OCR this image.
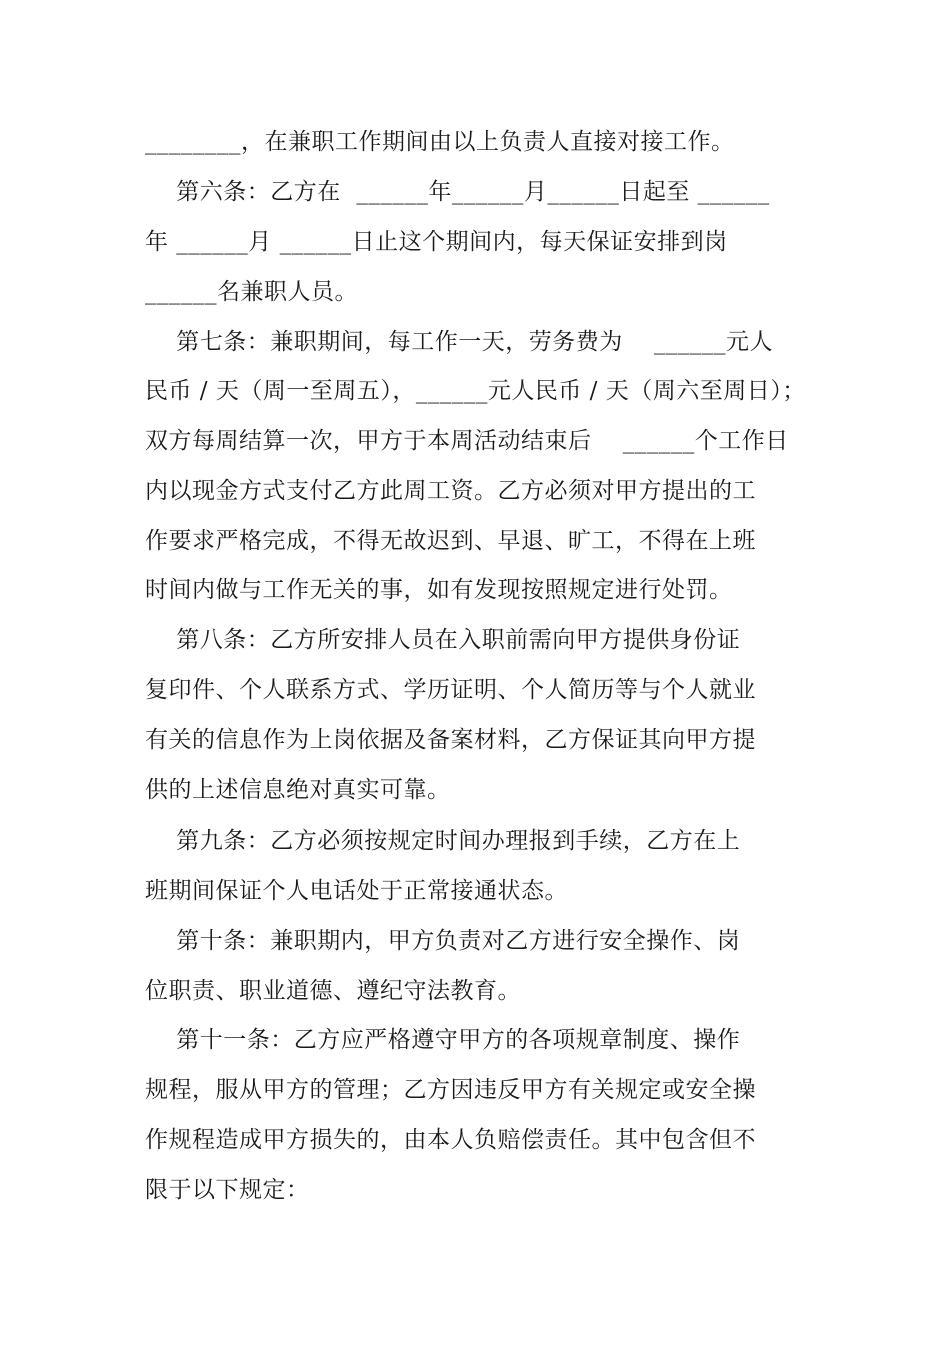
________，在兼职工作期间由以上负责人直接对接工作。
第六条：乙方在  ______年______月______日起至 ______
年 ______月 ______日止这个期间内，每天保证安排到岗
______名兼职人员。
第七条：兼职期间，每工作一天，劳务费为    ______元人
民币 / 天（周一至周五），______元人民币 / 天（周六至周日）；
双方每周结算一次，甲方于本周活动结束后    ______个工作日
内以现金方式支付乙方此周工资。乙方必须对甲方提出的工
作要求严格完成，不得无故迟到、早退、旷工，不得在上班
时间内做与工作无关的事，如有发现按照规定进行处罚。
第八条：乙方所安排人员在入职前需向甲方提供身份证
复印件、个人联系方式、学历证明、个人简历等与个人就业
有关的信息作为上岗依据及备案材料，乙方保证其向甲方提
供的上述信息绝对真实可靠。
第九条：乙方必须按规定时间办理报到手续，乙方在上
班期间保证个人电话处于正常接通状态。
第十条：兼职期内，甲方负责对乙方进行安全操作、岗
位职责、职业道德、遵纪守法教育。
第十一条：乙方应严格遵守甲方的各项规章制度、操作
规程，服从甲方的管理；乙方因违反甲方有关规定或安全操
作规程造成甲方损失的，由本人负赔偿责任。其中包含但不
限于以下规定：
